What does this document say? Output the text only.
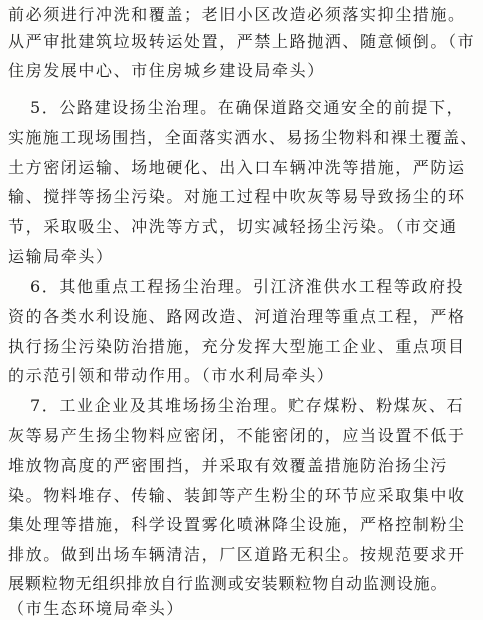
前必须进行冲洗和覆盖；老旧小区改造必须落实抑尘措施。
从严审批建筑垃圾转运处置，严禁上路抛洒、随意倾倒。（市
住房发展中心、市住房城乡建设局牵头）
5．公路建设扬尘治理。在确保道路交通安全的前提下，
实施施工现场围挡，全面落实洒水、易扬尘物料和裸土覆盖、
土方密闭运输、场地硬化、出入口车辆冲洗等措施，严防运
输、搅拌等扬尘污染。对施工过程中吹灰等易导致扬尘的环
节，采取吸尘、冲洗等方式，切实减轻扬尘污染。（市交通
运输局牵头）
6．其他重点工程扬尘治理。引江济淮供水工程等政府投
资的各类水利设施、路网改造、河道治理等重点工程，严格
执行扬尘污染防治措施，充分发挥大型施工企业、重点项目
的示范引领和带动作用。（市水利局牵头）
7．工业企业及其堆场扬尘治理。贮存煤粉、粉煤灰、石
灰等易产生扬尘物料应密闭，不能密闭的，应当设置不低于
堆放物高度的严密围挡，并采取有效覆盖措施防治扬尘污
染。物料堆存、传输、装卸等产生粉尘的环节应采取集中收
集处理等措施，科学设置雾化喷淋降尘设施，严格控制粉尘
排放。做到出场车辆清洁，厂区道路无积尘。按规范要求开
展颗粒物无组织排放自行监测或安装颗粒物自动监测设施。
（市生态环境局牵头）
